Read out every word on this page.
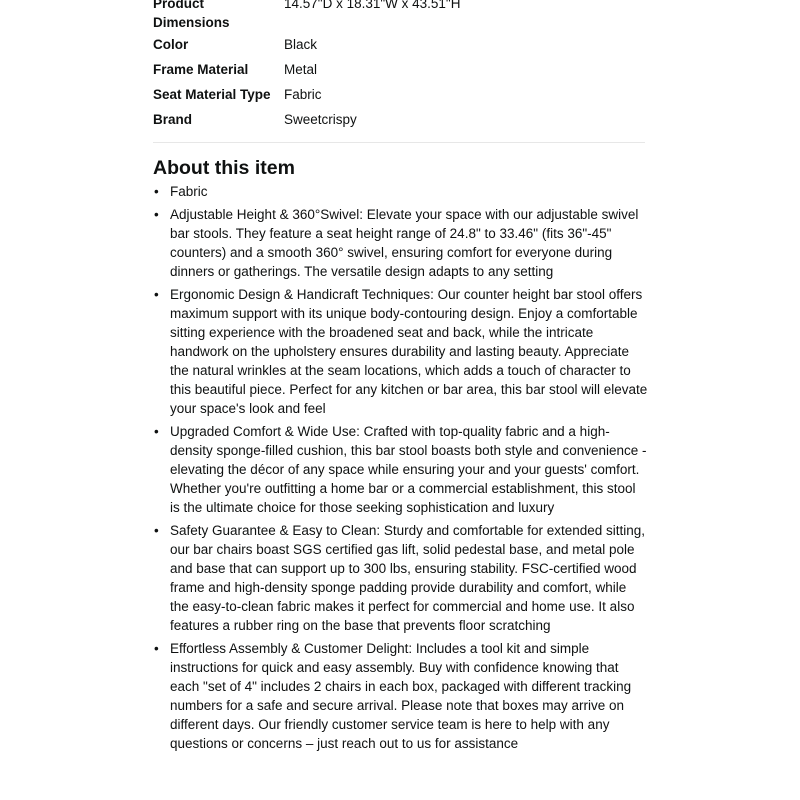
Product Dimensions
14.57"D x 18.31"W x 43.51"H
Color	Black
Frame Material	Metal
Seat Material Type Fabric
Brand	Sweetcrispy
About this item
• Fabric
• Adjustable Height & 360°Swivel: Elevate your space with our adjustable swivel bar stools. They feature a seat height range of 24.8" to 33.46" (fits 36"-45" counters) and a smooth 360° swivel, ensuring comfort for everyone during dinners or gatherings. The versatile design adapts to any setting
• Ergonomic Design & Handicraft Techniques: Our counter height bar stool offers maximum support with its unique body-contouring design. Enjoy a comfortable sitting experience with the broadened seat and back, while the intricate handwork on the upholstery ensures durability and lasting beauty. Appreciate the natural wrinkles at the seam locations, which adds a touch of character to this beautiful piece. Perfect for any kitchen or bar area, this bar stool will elevate your space's look and feel
• Upgraded Comfort & Wide Use: Crafted with top-quality fabric and a high-density sponge-filled cushion, this bar stool boasts both style and convenience - elevating the décor of any space while ensuring your and your guests' comfort. Whether you're outfitting a home bar or a commercial establishment, this stool is the ultimate choice for those seeking sophistication and luxury
• Safety Guarantee & Easy to Clean: Sturdy and comfortable for extended sitting, our bar chairs boast SGS certified gas lift, solid pedestal base, and metal pole and base that can support up to 300 lbs, ensuring stability. FSC-certified wood frame and high-density sponge padding provide durability and comfort, while the easy-to-clean fabric makes it perfect for commercial and home use. It also features a rubber ring on the base that prevents floor scratching
• Effortless Assembly & Customer Delight: Includes a tool kit and simple instructions for quick and easy assembly. Buy with confidence knowing that each "set of 4" includes 2 chairs in each box, packaged with different tracking numbers for a safe and secure arrival. Please note that boxes may arrive on different days. Our friendly customer service team is here to help with any questions or concerns – just reach out to us for assistance
